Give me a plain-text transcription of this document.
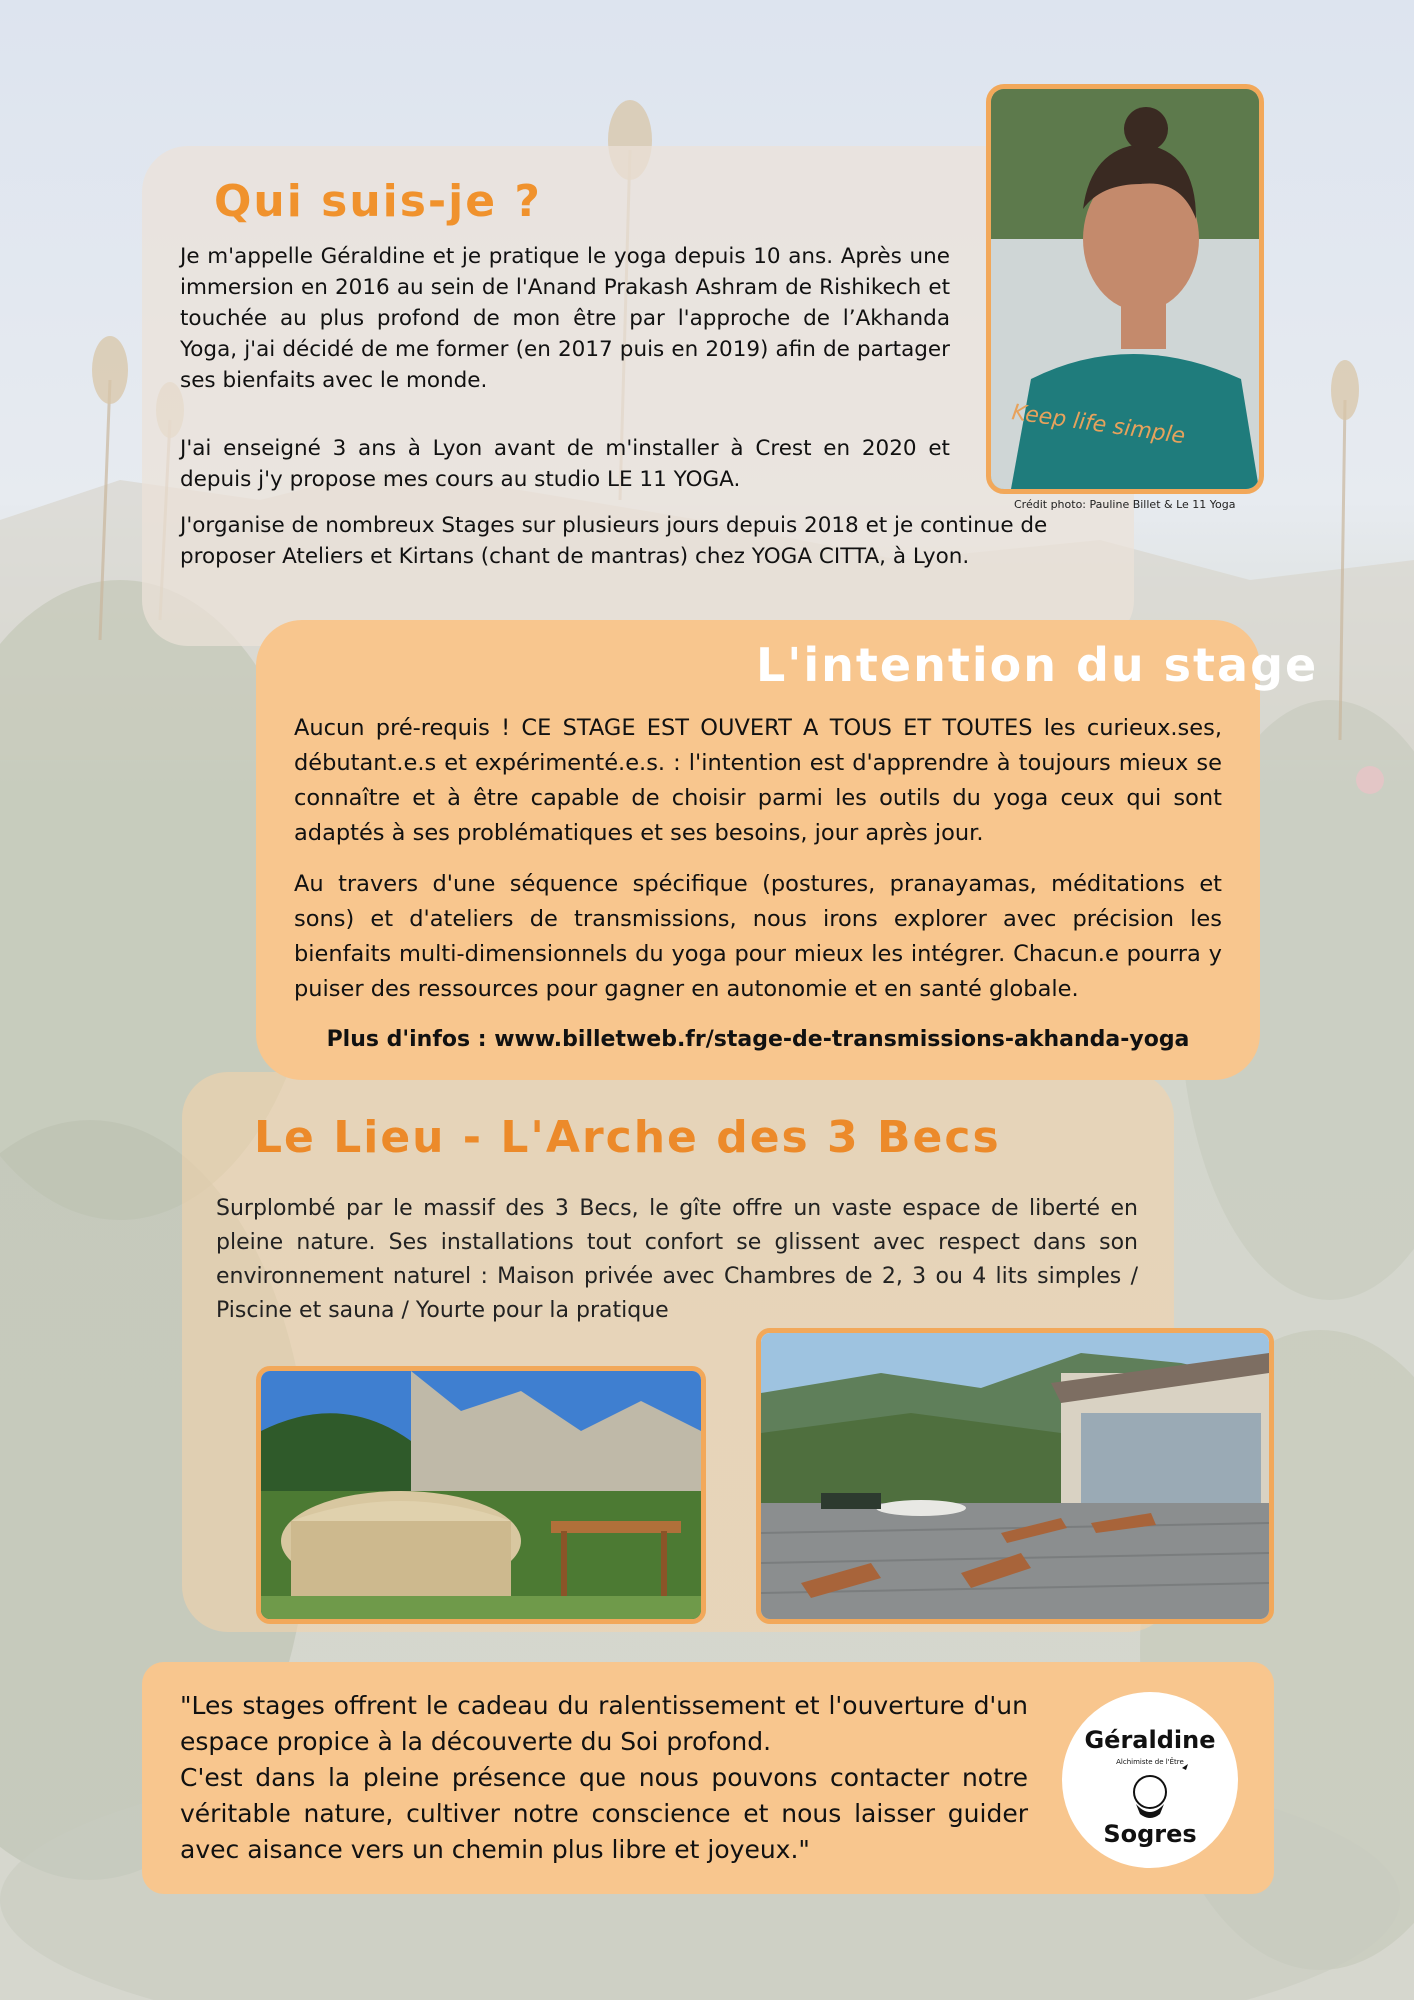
Qui suis-je ?

Je m'appelle Géraldine et je pratique le yoga depuis 10 ans. Après une immersion en 2016 au sein de l'Anand Prakash Ashram de Rishikech et touchée au plus profond de mon être par l'approche de l’Akhanda Yoga, j'ai décidé de me former (en 2017 puis en 2019) afin de partager ses bienfaits avec le monde.

J'ai enseigné 3 ans à Lyon avant de m'installer à Crest en 2020 et depuis j'y propose mes cours au studio LE 11 YOGA.

J'organise de nombreux Stages sur plusieurs jours depuis 2018 et je continue de proposer Ateliers et Kirtans (chant de mantras) chez YOGA CITTA, à Lyon.

Keep life simple
Crédit photo: Pauline Billet & Le 11 Yoga
L'intention du stage

Aucun pré-requis ! CE STAGE EST OUVERT A TOUS ET TOUTES les curieux.ses, débutant.e.s et expérimenté.e.s. : l'intention est d'apprendre à toujours mieux se connaître et à être capable de choisir parmi les outils du yoga ceux qui sont adaptés à ses problématiques et ses besoins, jour après jour.

Au travers d'une séquence spécifique (postures, pranayamas, méditations et sons) et d'ateliers de transmissions, nous irons explorer avec précision les bienfaits multi-dimensionnels du yoga pour mieux les intégrer. Chacun.e pourra y puiser des ressources pour gagner en autonomie et en santé globale.

Plus d'infos : www.billetweb.fr/stage-de-transmissions-akhanda-yoga
Le Lieu - L'Arche des 3 Becs

Surplombé par le massif des 3 Becs, le gîte offre un vaste espace de liberté en pleine nature. Ses installations tout confort se glissent avec respect dans son environnement naturel : Maison privée avec Chambres de 2, 3 ou 4 lits simples / Piscine et sauna / Yourte pour la pratique

"Les stages offrent le cadeau du ralentissement et l'ouverture d'un espace propice à la découverte du Soi profond.
C'est dans la pleine présence que nous pouvons contacter notre véritable nature, cultiver notre conscience et nous laisser guider avec aisance vers un chemin plus libre et joyeux."
Géraldine
Alchimiste de l'Être
Sogres
